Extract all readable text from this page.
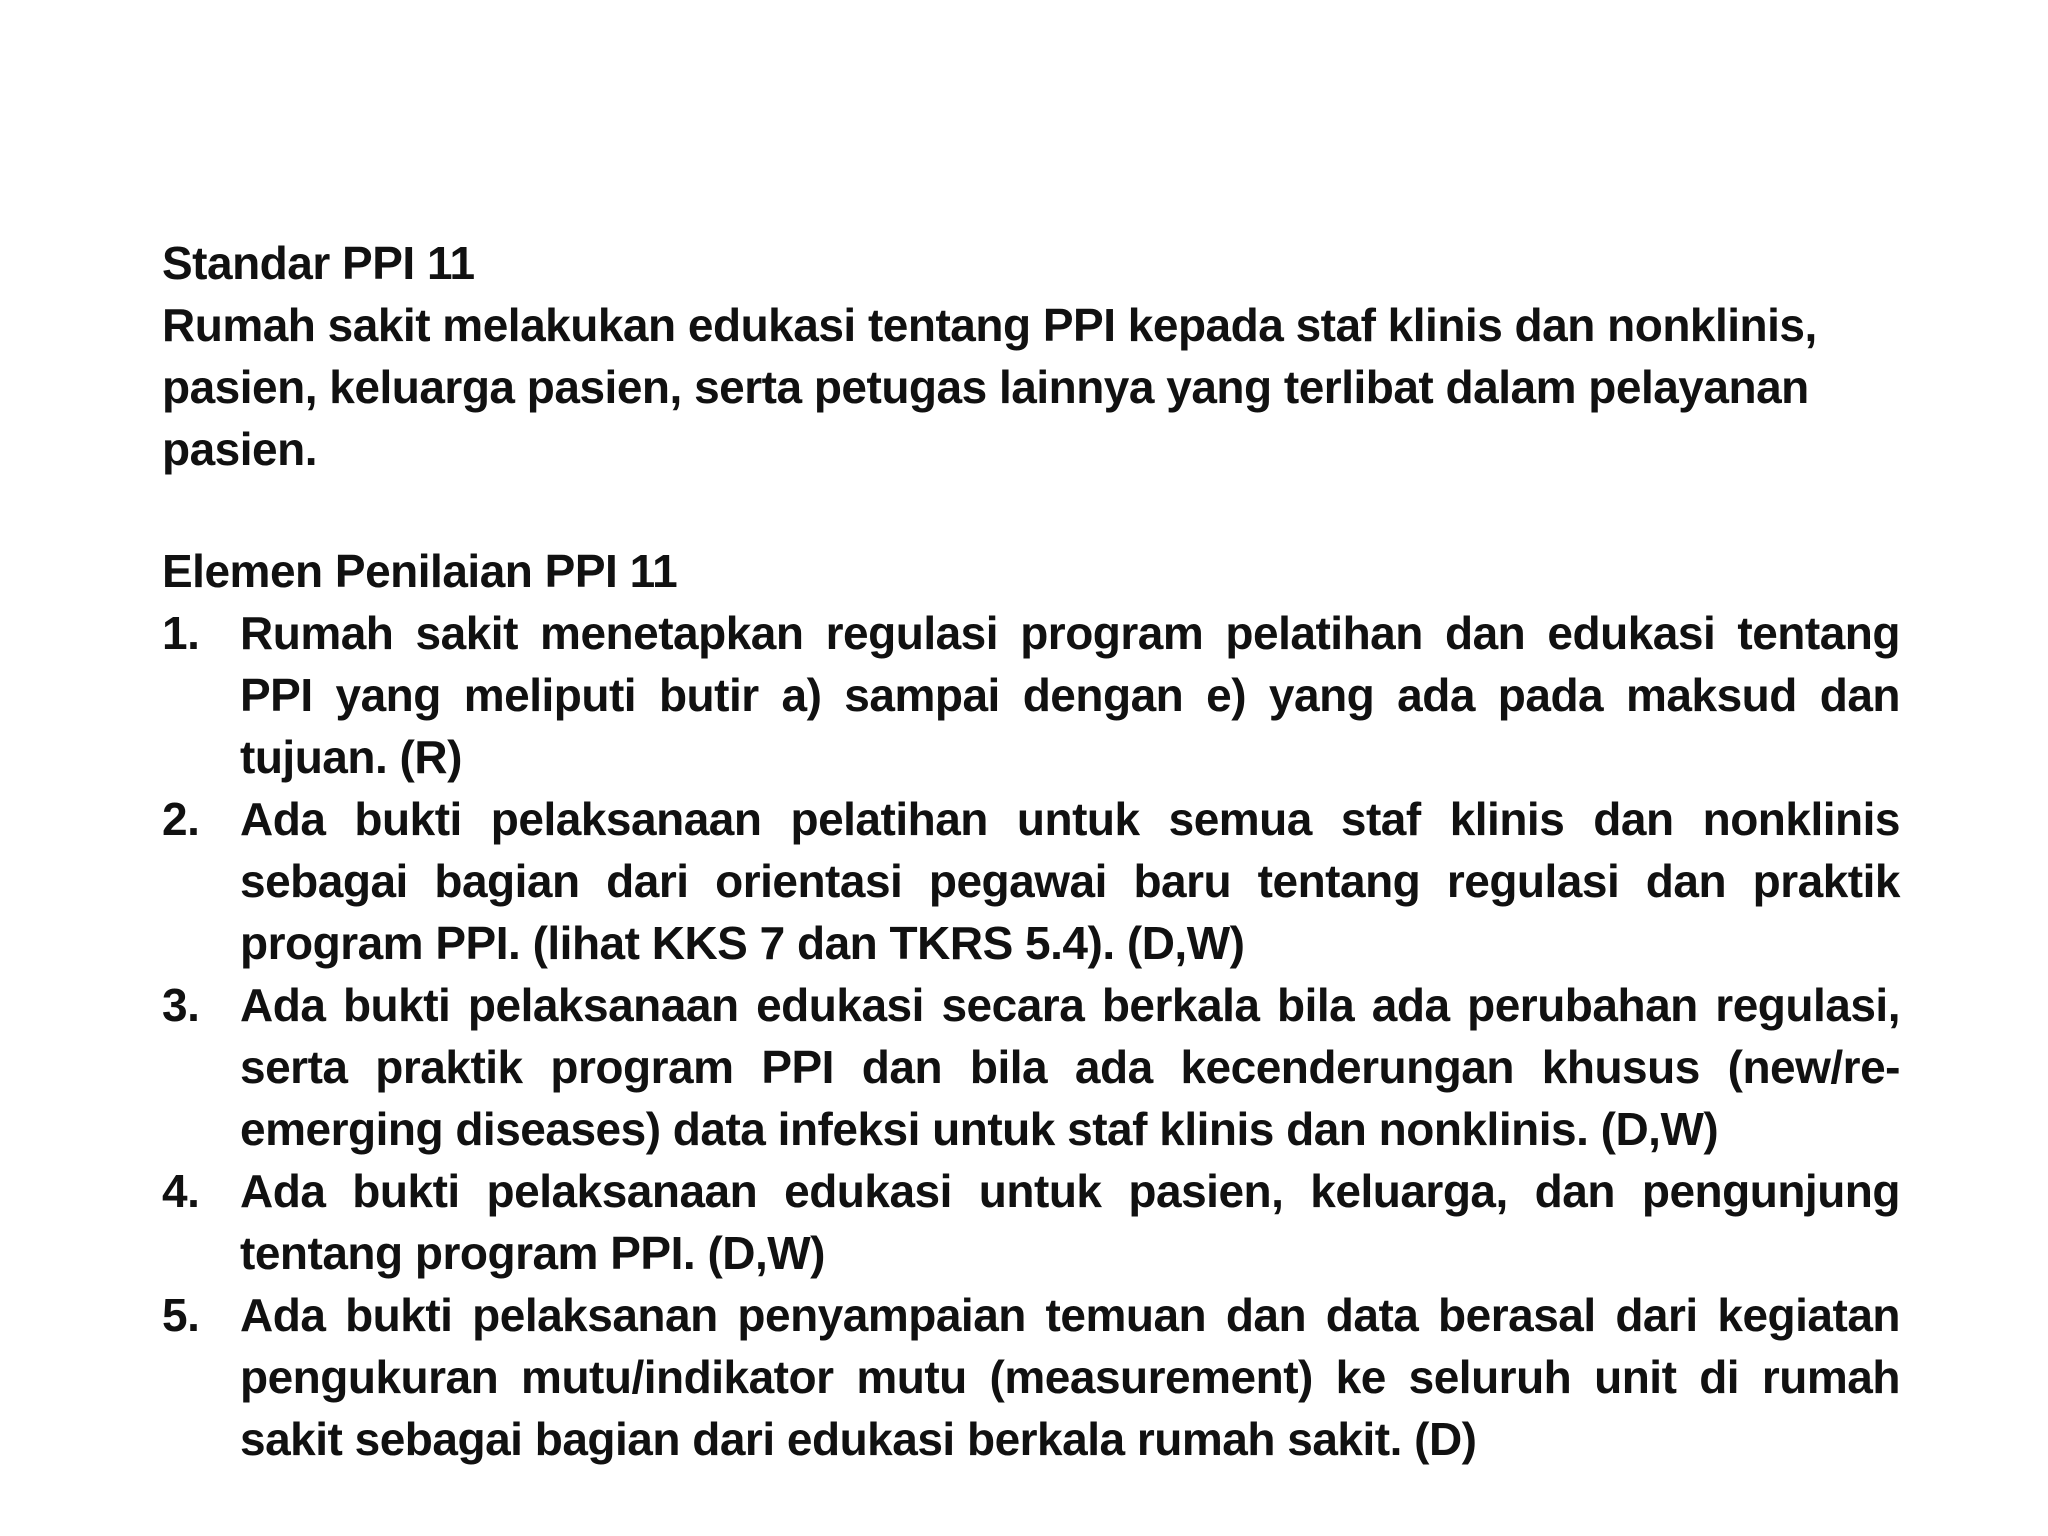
Standar PPI 11

Rumah sakit melakukan edukasi tentang PPI kepada staf klinis dan nonklinis, pasien, keluarga pasien, serta petugas lainnya yang terlibat dalam pelayanan pasien.

Elemen Penilaian PPI 11

1. Rumah sakit menetapkan regulasi program pelatihan dan edukasi tentang PPI yang meliputi butir a) sampai dengan e) yang ada pada maksud dan tujuan. (R)
2. Ada bukti pelaksanaan pelatihan untuk semua staf klinis dan nonklinis sebagai bagian dari orientasi pegawai baru tentang regulasi dan praktik program PPI. (lihat KKS 7 dan TKRS 5.4). (D,W)
3. Ada bukti pelaksanaan edukasi secara berkala bila ada perubahan regulasi, serta praktik program PPI dan bila ada kecenderungan khusus (new/re-emerging diseases) data infeksi untuk staf klinis dan nonklinis. (D,W)
4. Ada bukti pelaksanaan edukasi untuk pasien, keluarga, dan pengunjung tentang program PPI. (D,W)
5. Ada bukti pelaksanan penyampaian temuan dan data berasal dari kegiatan pengukuran mutu/indikator mutu (measurement) ke seluruh unit di rumah sakit sebagai bagian dari edukasi berkala rumah sakit. (D)
